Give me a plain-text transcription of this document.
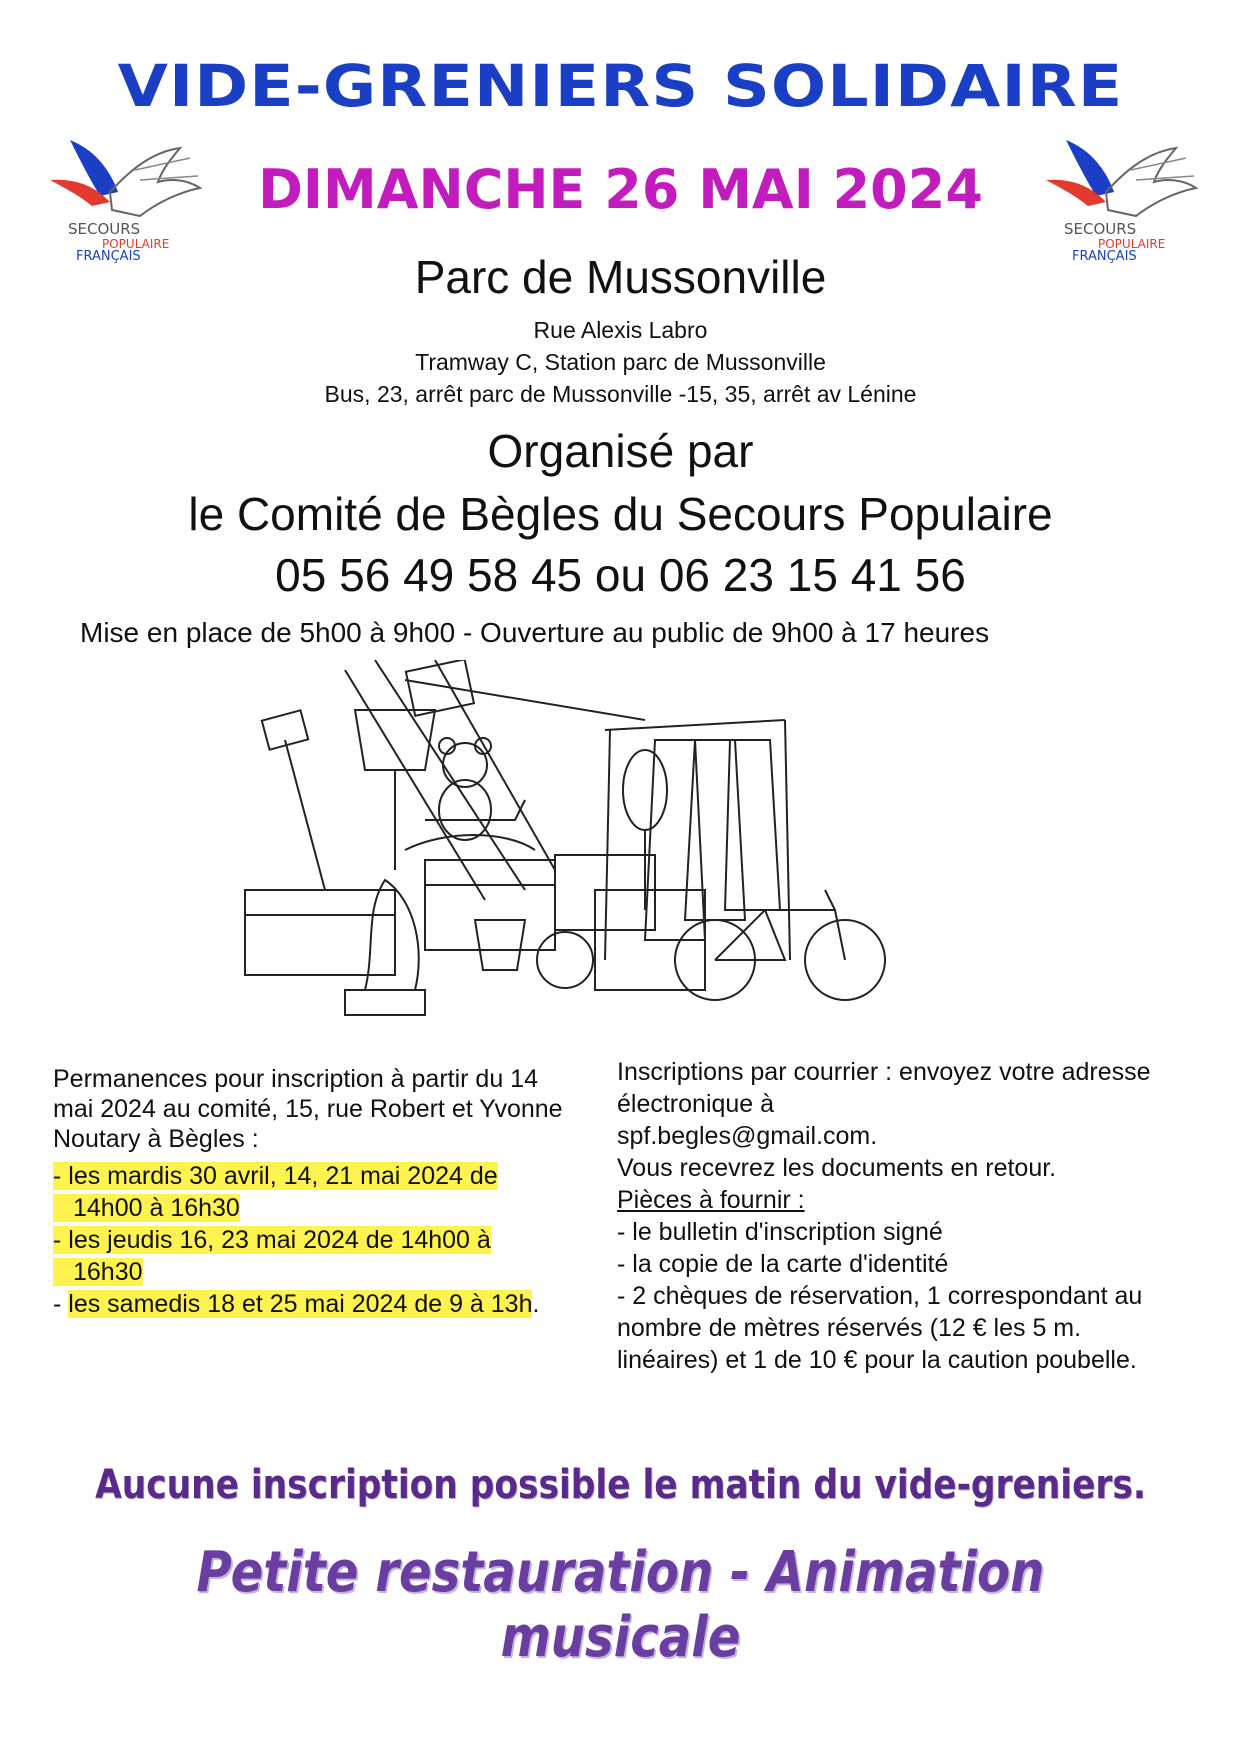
VIDE-GRENIERS SOLIDAIRE
SECOURS
POPULAIRE
FRANÇAIS
SECOURS
POPULAIRE
FRANÇAIS
DIMANCHE 26 MAI 2024
Parc de Mussonville
Rue Alexis Labro
Tramway C, Station parc de Mussonville
Bus, 23, arrêt parc de Mussonville -15, 35, arrêt av Lénine
Organisé par
le Comité de Bègles du Secours Populaire
05 56 49 58 45 ou 06 23 15 41 56
Mise en place de 5h00 à 9h00 - Ouverture au public de 9h00 à 17 heures
Permanences pour inscription à partir du 14 mai 2024 au comité, 15, rue Robert et Yvonne Noutary à Bègles :
- les mardis 30 avril, 14, 21 mai 2024 de
14h00 à 16h30
- les jeudis 16, 23 mai 2024 de 14h00 à
16h30
- les samedis 18 et 25 mai 2024 de 9 à 13h.
Inscriptions par courrier : envoyez votre adresse électronique à
spf.begles@gmail.com.
Vous recevrez les documents en retour.
Pièces à fournir :
- le bulletin d'inscription signé
- la copie de la carte d'identité
- 2 chèques de réservation, 1 correspondant au nombre de mètres réservés (12 € les 5 m. linéaires) et 1 de 10 € pour la caution poubelle.
Aucune inscription possible le matin du vide-greniers.
Petite restauration - Animation musicale
